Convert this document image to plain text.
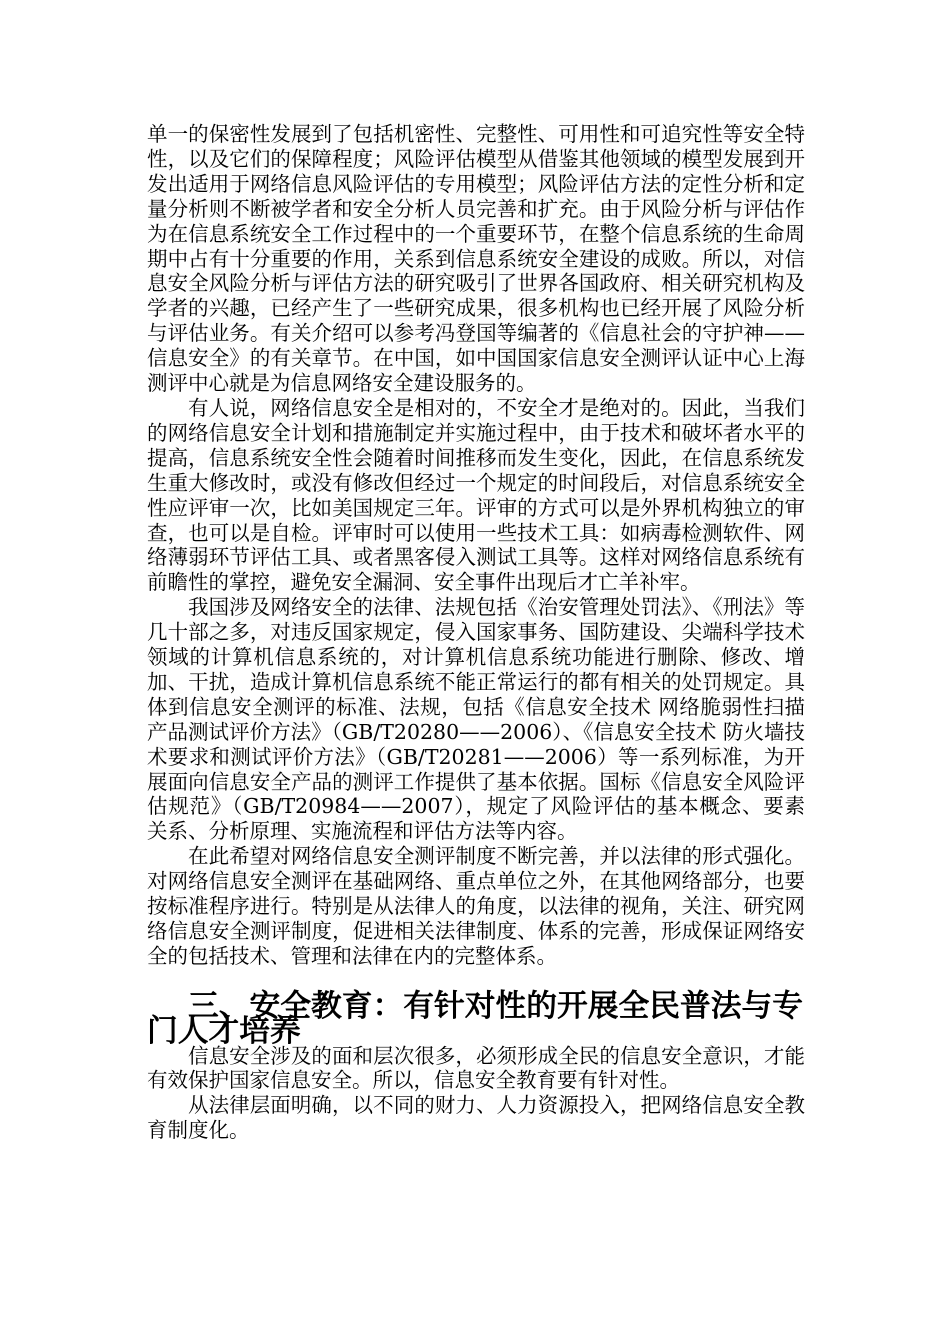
单一的保密性发展到了包括机密性、完整性、可用性和可追究性等安全特性，以及它们的保障程度；风险评估模型从借鉴其他领域的模型发展到开发出适用于网络信息风险评估的专用模型；风险评估方法的定性分析和定量分析则不断被学者和安全分析人员完善和扩充。由于风险分析与评估作为在信息系统安全工作过程中的一个重要环节，在整个信息系统的生命周期中占有十分重要的作用，关系到信息系统安全建设的成败。所以，对信息安全风险分析与评估方法的研究吸引了世界各国政府、相关研究机构及学者的兴趣，已经产生了一些研究成果，很多机构也已经开展了风险分析与评估业务。有关介绍可以参考冯登国等编著的《信息社会的守护神——信息安全》的有关章节。在中国，如中国国家信息安全测评认证中心上海测评中心就是为信息网络安全建设服务的。

有人说，网络信息安全是相对的，不安全才是绝对的。因此，当我们的网络信息安全计划和措施制定并实施过程中，由于技术和破坏者水平的提高，信息系统安全性会随着时间推移而发生变化，因此，在信息系统发生重大修改时，或没有修改但经过一个规定的时间段后，对信息系统安全性应评审一次，比如美国规定三年。评审的方式可以是外界机构独立的审查，也可以是自检。评审时可以使用一些技术工具：如病毒检测软件、网络薄弱环节评估工具、或者黑客侵入测试工具等。这样对网络信息系统有前瞻性的掌控，避免安全漏洞、安全事件出现后才亡羊补牢。

我国涉及网络安全的法律、法规包括《治安管理处罚法》、《刑法》等几十部之多，对违反国家规定，侵入国家事务、国防建设、尖端科学技术领域的计算机信息系统的，对计算机信息系统功能进行删除、修改、增加、干扰，造成计算机信息系统不能正常运行的都有相关的处罚规定。具体到信息安全测评的标准、法规，包括《信息安全技术 网络脆弱性扫描产品测试评价方法》（GB/T20280——2006）、《信息安全技术 防火墙技术要求和测试评价方法》（GB/T20281——2006）等一系列标准，为开展面向信息安全产品的测评工作提供了基本依据。国标《信息安全风险评估规范》（GB/T20984——2007），规定了风险评估的基本概念、要素关系、分析原理、实施流程和评估方法等内容。

在此希望对网络信息安全测评制度不断完善，并以法律的形式强化。对网络信息安全测评在基础网络、重点单位之外，在其他网络部分，也要按标准程序进行。特别是从法律人的角度，以法律的视角，关注、研究网络信息安全测评制度，促进相关法律制度、体系的完善，形成保证网络安全的包括技术、管理和法律在内的完整体系。

三、安全教育：有针对性的开展全民普法与专门人才培养

信息安全涉及的面和层次很多，必须形成全民的信息安全意识，才能有效保护国家信息安全。所以，信息安全教育要有针对性。

从法律层面明确，以不同的财力、人力资源投入，把网络信息安全教育制度化。
